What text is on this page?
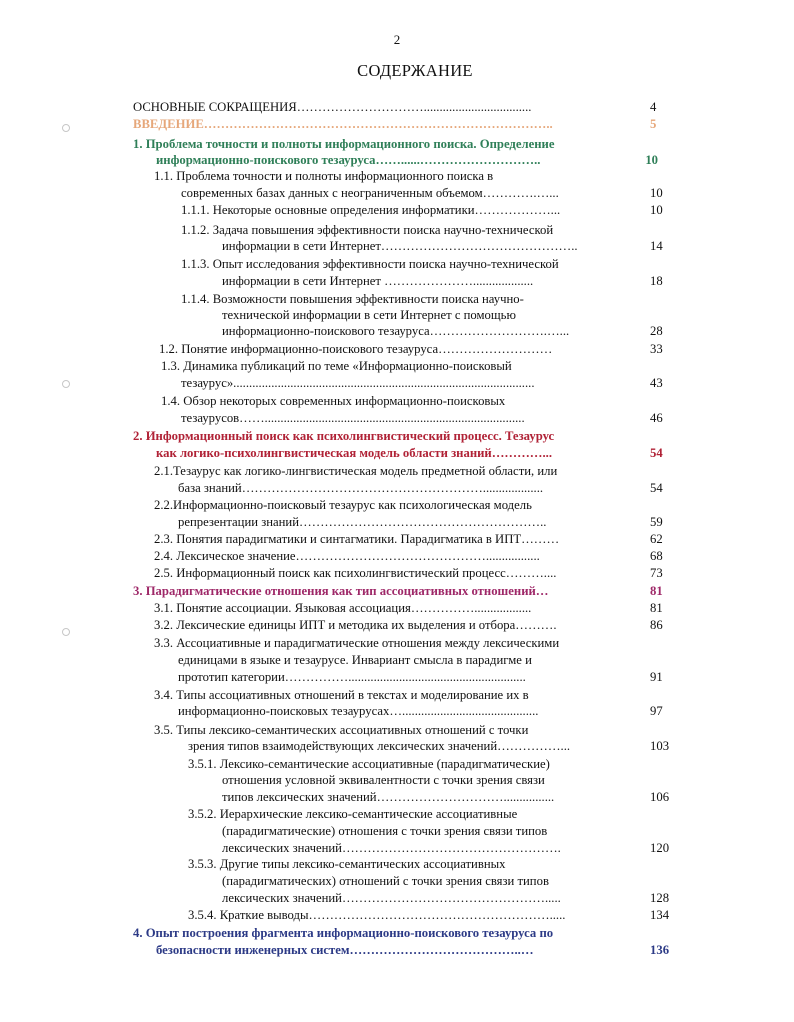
2
СОДЕРЖАНИЕ
ОСНОВНЫЕ СОКРАЩЕНИЯ…………………………..................................	4
ВВЕДЕНИЕ………………………………………………………………………..	5
1. Проблема точности и полноты информационного поиска. Определение
информационно-поискового тезауруса……......………………………..	10
1.1. Проблема точности и полноты информационного поиска в
современных базах данных с неограниченным объемом………….…...	10
1.1.1. Некоторые основные определения информатики………………...	10
1.1.2. Задача повышения эффективности поиска научно-технической
информации в сети Интернет………………………………………..	14
1.1.3. Опыт исследования эффективности поиска научно-технической
информации в сети Интернет …………………...................	18
1.1.4. Возможности повышения эффективности поиска научно-
технической информации в сети Интернет с помощью
информационно-поискового тезауруса……………………….…...	28
1.2. Понятие информационно-поискового тезауруса………………………	33
1.3. Динамика публикаций по теме «Информационно-поисковый
тезаурус»...............................................................................................	43
1.4. Обзор некоторых современных информационно-поисковых
тезаурусов……..................................................................................	46
2. Информационный поиск как психолингвистический процесс. Тезаурус
как логико-психолингвистическая модель области знаний…………...	54
2.1.Тезаурус как логико-лингвистическая модель предметной области, или
база знаний…………………………………………………...................	54
2.2.Информационно-поисковый тезаурус как психологическая модель
репрезентации знаний…………………………………………………..	59
2.3. Понятия парадигматики и синтагматики. Парадигматика в ИПТ………	62
2.4. Лексическое значение……………………………………….................	68
2.5. Информационный поиск как психолингвистический процесс………....	73
3. Парадигматические отношения как тип ассоциативных отношений…	81
3.1. Понятие ассоциации. Языковая ассоциация……………..................	81
3.2. Лексические единицы ИПТ и методика их выделения и отбора……….	86
3.3. Ассоциативные и парадигматические отношения между лексическими
единицами в языке и тезаурусе. Инвариант смысла в парадигме и
прототип категории……………........................................................	91
3.4. Типы ассоциативных отношений в текстах и моделирование их в
информационно-поисковых тезаурусах…...........................................	97
3.5. Типы лексико-семантических ассоциативных отношений с точки
зрения типов взаимодействующих лексических значений……………...	103
3.5.1. Лексико-семантические ассоциативные (парадигматические)
отношения условной эквивалентности с точки зрения связи
типов лексических значений…………………………................	106
3.5.2. Иерархические лексико-семантические ассоциативные
(парадигматические) отношения с точки зрения связи типов
лексических значений…………………………………………….	120
3.5.3. Другие типы лексико-семантических ассоциативных
(парадигматических) отношений с точки зрения связи типов
лексических значений………………………………………….....	128
3.5.4. Краткие выводы………………………………………………….....	134
4. Опыт построения фрагмента информационно-поискового тезауруса по
безопасности инженерных систем…………………………………..…	136
